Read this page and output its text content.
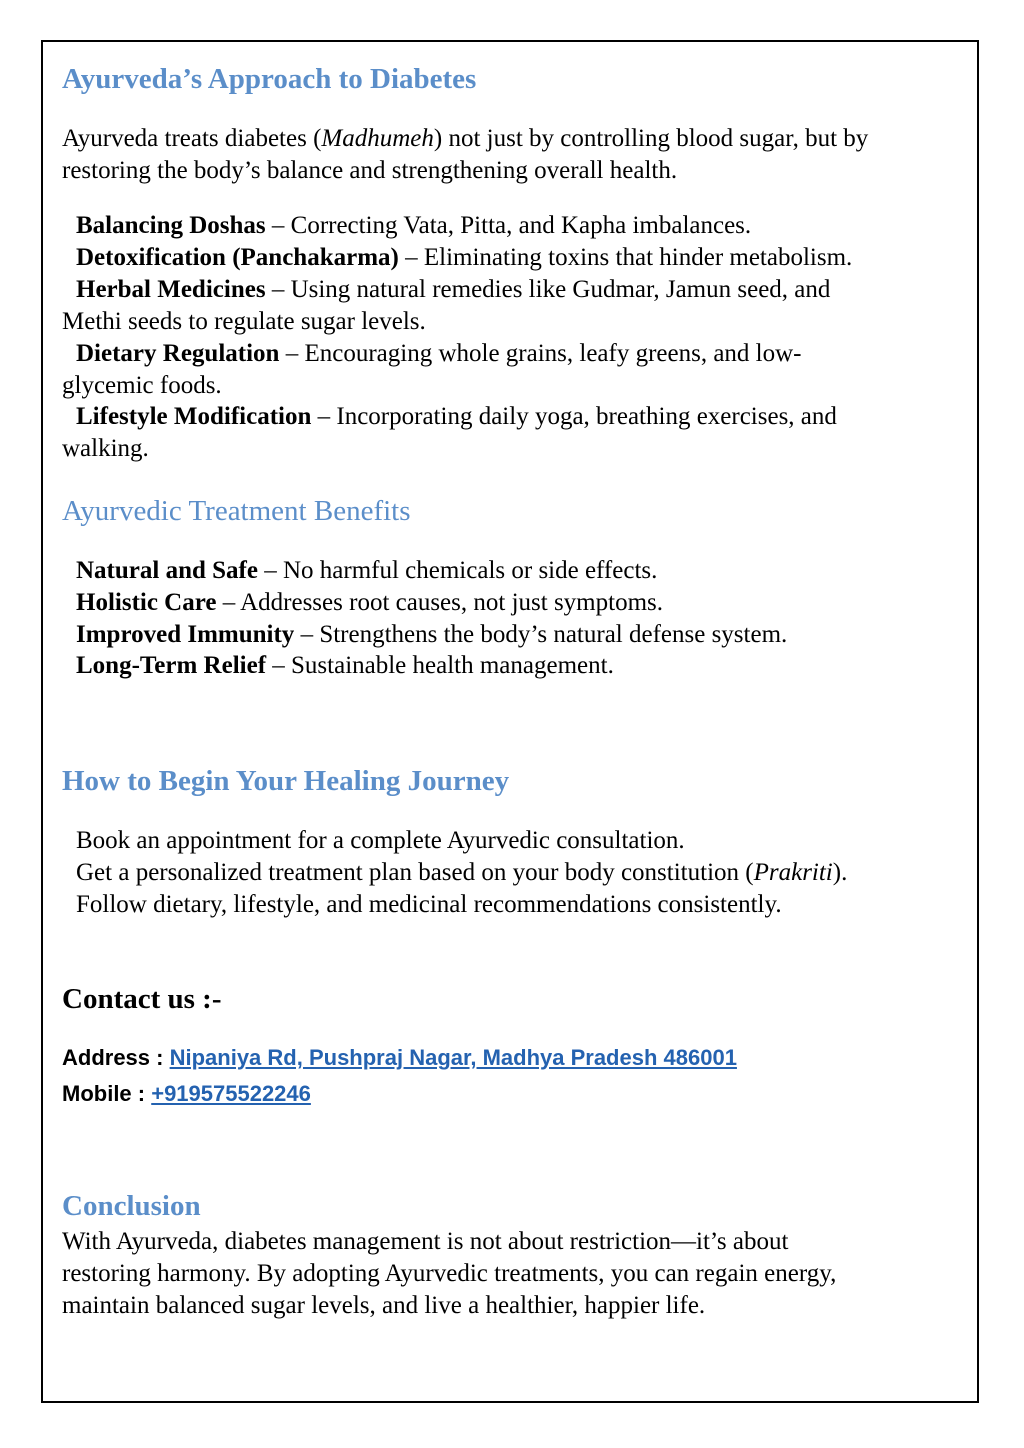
Ayurveda’s Approach to Diabetes
Ayurveda treats diabetes (Madhumeh) not just by controlling blood sugar, but by
restoring the body’s balance and strengthening overall health.
Balancing Doshas – Correcting Vata, Pitta, and Kapha imbalances.
Detoxification (Panchakarma) – Eliminating toxins that hinder metabolism.
Herbal Medicines – Using natural remedies like Gudmar, Jamun seed, and
Methi seeds to regulate sugar levels.
Dietary Regulation – Encouraging whole grains, leafy greens, and low-
glycemic foods.
Lifestyle Modification – Incorporating daily yoga, breathing exercises, and
walking.
Ayurvedic Treatment Benefits
Natural and Safe – No harmful chemicals or side effects.
Holistic Care – Addresses root causes, not just symptoms.
Improved Immunity – Strengthens the body’s natural defense system.
Long-Term Relief – Sustainable health management.
How to Begin Your Healing Journey
Book an appointment for a complete Ayurvedic consultation.
Get a personalized treatment plan based on your body constitution (Prakriti).
Follow dietary, lifestyle, and medicinal recommendations consistently.
Contact us :-
Address : Nipaniya Rd, Pushpraj Nagar, Madhya Pradesh 486001
Mobile : +919575522246
Conclusion
With Ayurveda, diabetes management is not about restriction—it’s about
restoring harmony. By adopting Ayurvedic treatments, you can regain energy,
maintain balanced sugar levels, and live a healthier, happier life.
